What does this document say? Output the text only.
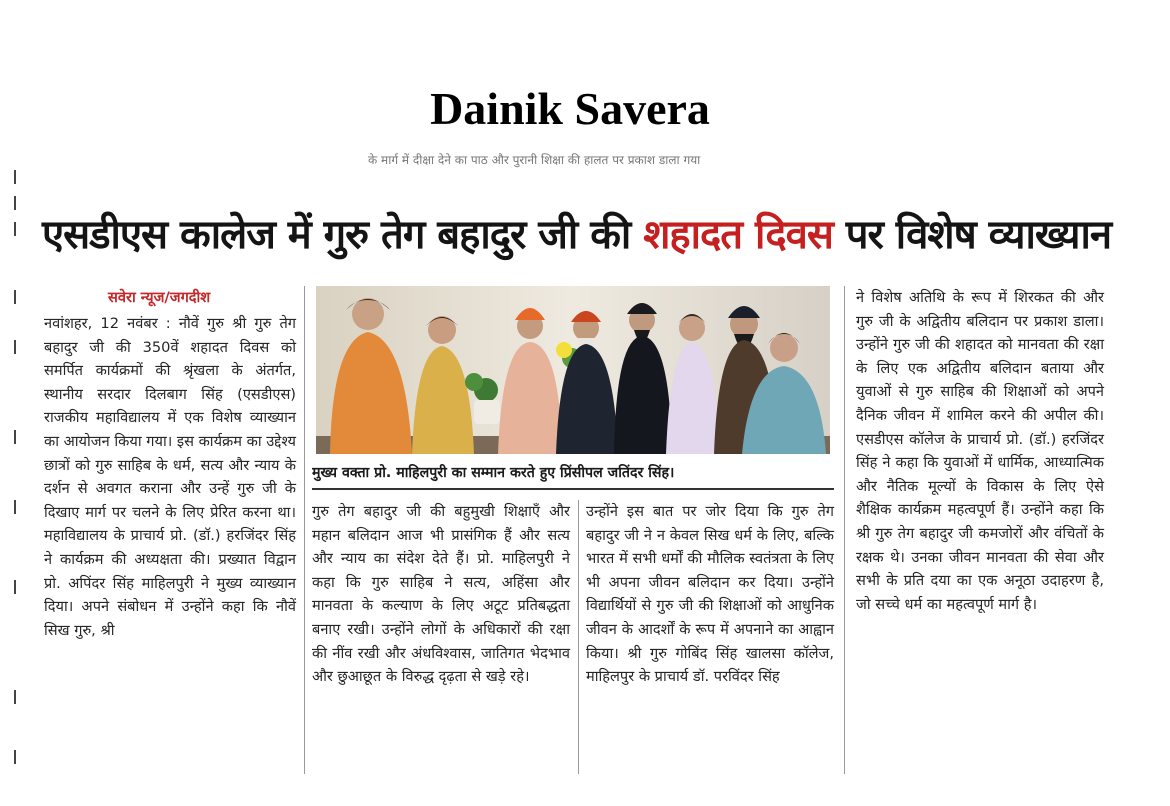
Dainik Savera
के मार्ग में दीक्षा देने का पाठ और पुरानी शिक्षा की हालत पर प्रकाश डाला गया
एसडीएस कालेज में गुरु तेग बहादुर जी की शहादत दिवस पर विशेष व्याख्यान
सवेरा न्यूज/जगदीश

नवांशहर, 12 नवंबर : नौवें गुरु श्री गुरु तेग बहादुर जी की 350वें शहादत दिवस को समर्पित कार्यक्रमों की श्रृंखला के अंतर्गत, स्थानीय सरदार दिलबाग सिंह (एसडीएस) राजकीय महाविद्यालय में एक विशेष व्याख्यान का आयोजन किया गया। इस कार्यक्रम का उद्देश्य छात्रों को गुरु साहिब के धर्म, सत्य और न्याय के दर्शन से अवगत कराना और उन्हें गुरु जी के दिखाए मार्ग पर चलने के लिए प्रेरित करना था। महाविद्यालय के प्राचार्य प्रो. (डॉ.) हरजिंदर सिंह ने कार्यक्रम की अध्यक्षता की। प्रख्यात विद्वान प्रो. अपिंदर सिंह माहिलपुरी ने मुख्य व्याख्यान दिया। अपने संबोधन में उन्होंने कहा कि नौवें सिख गुरु, श्री

मुख्य वक्ता प्रो. माहिलपुरी का सम्मान करते हुए प्रिंसीपल जतिंदर सिंह।

गुरु तेग बहादुर जी की बहुमुखी शिक्षाएँ और महान बलिदान आज भी प्रासंगिक हैं और सत्य और न्याय का संदेश देते हैं। प्रो. माहिलपुरी ने कहा कि गुरु साहिब ने सत्य, अहिंसा और मानवता के कल्याण के लिए अटूट प्रतिबद्धता बनाए रखी। उन्होंने लोगों के अधिकारों की रक्षा की नींव रखी और अंधविश्वास, जातिगत भेदभाव और छुआछूत के विरुद्ध दृढ़ता से खड़े रहे।

उन्होंने इस बात पर जोर दिया कि गुरु तेग बहादुर जी ने न केवल सिख धर्म के लिए, बल्कि भारत में सभी धर्मों की मौलिक स्वतंत्रता के लिए भी अपना जीवन बलिदान कर दिया। उन्होंने विद्यार्थियों से गुरु जी की शिक्षाओं को आधुनिक जीवन के आदर्शों के रूप में अपनाने का आह्वान किया। श्री गुरु गोबिंद सिंह खालसा कॉलेज, माहिलपुर के प्राचार्य डॉ. परविंदर सिंह

ने विशेष अतिथि के रूप में शिरकत की और गुरु जी के अद्वितीय बलिदान पर प्रकाश डाला। उन्होंने गुरु जी की शहादत को मानवता की रक्षा के लिए एक अद्वितीय बलिदान बताया और युवाओं से गुरु साहिब की शिक्षाओं को अपने दैनिक जीवन में शामिल करने की अपील की। एसडीएस कॉलेज के प्राचार्य प्रो. (डॉ.) हरजिंदर सिंह ने कहा कि युवाओं में धार्मिक, आध्यात्मिक और नैतिक मूल्यों के विकास के लिए ऐसे शैक्षिक कार्यक्रम महत्वपूर्ण हैं। उन्होंने कहा कि श्री गुरु तेग बहादुर जी कमजोरों और वंचितों के रक्षक थे। उनका जीवन मानवता की सेवा और सभी के प्रति दया का एक अनूठा उदाहरण है, जो सच्चे धर्म का महत्वपूर्ण मार्ग है।
